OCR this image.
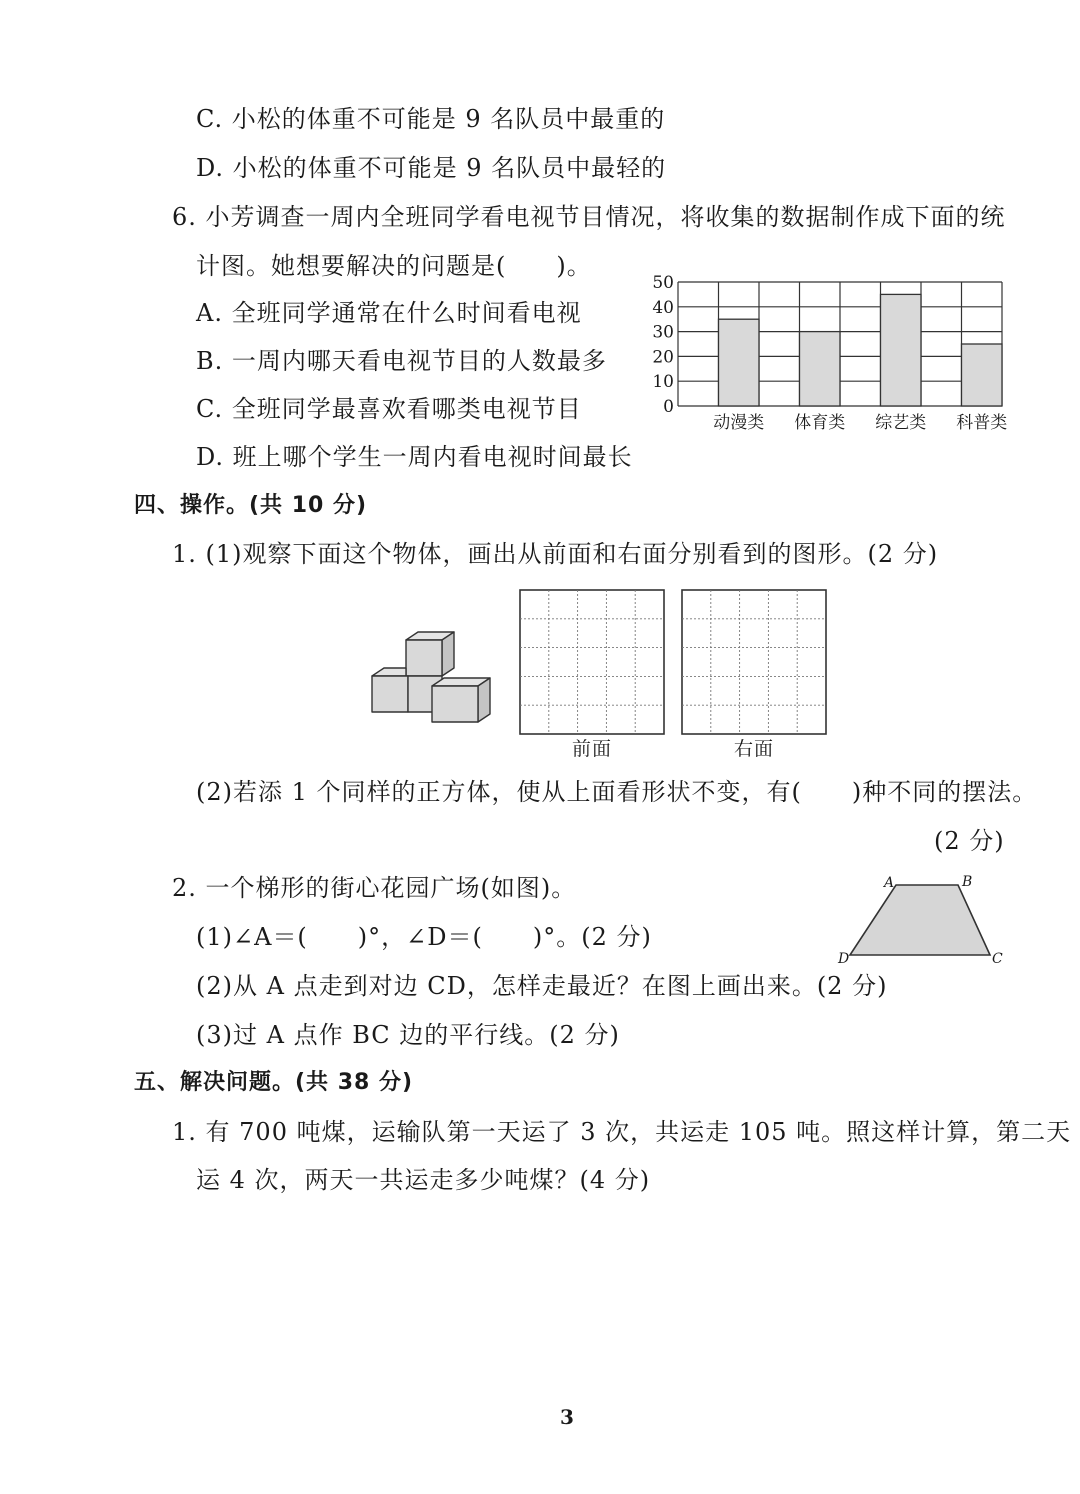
C. 小松的体重不可能是 9 名队员中最重的
D. 小松的体重不可能是 9 名队员中最轻的
6. 小芳调查一周内全班同学看电视节目情况，将收集的数据制作成下面的统
计图。她想要解决的问题是(　　)。
A. 全班同学通常在什么时间看电视
B. 一周内哪天看电视节目的人数最多
C. 全班同学最喜欢看哪类电视节目
D. 班上哪个学生一周内看电视时间最长
0
10
20
30
40
50
动漫类 体育类 综艺类 科普类
四、操作。(共 10 分)
1. (1)观察下面这个物体，画出从前面和右面分别看到的图形。(2 分)
前面	右面
(2)若添 1 个同样的正方体，使从上面看形状不变，有(　　)种不同的摆法。
(2 分)
2. 一个梯形的街心花园广场(如图)。
(1)∠A＝(　　)°，∠D＝(　　)°。(2 分)
(2)从 A 点走到对边 CD，怎样走最近？在图上画出来。(2 分)
(3)过 A 点作 BC 边的平行线。(2 分)
A	B
C
D
五、解决问题。(共 38 分)
1. 有 700 吨煤，运输队第一天运了 3 次，共运走 105 吨。照这样计算，第二天
运 4 次，两天一共运走多少吨煤？(4 分)
3
